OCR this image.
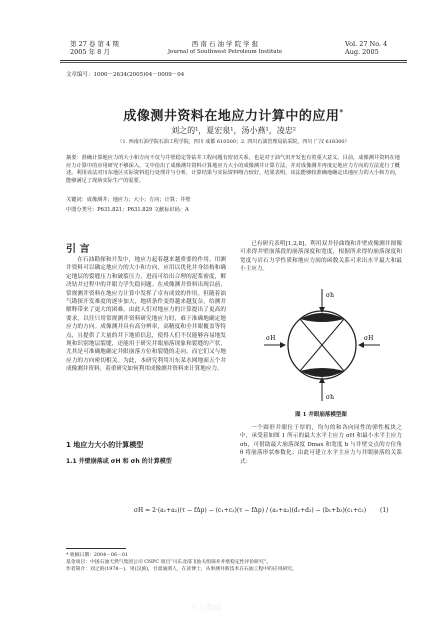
第 27 卷 第 4 期
2005 年 8 月
西 南 石 油 学 院 学 报
Journal of Southwest Petroleum Institute
Vol. 27 No. 4
Aug. 2005
文章编号：1000－2634(2005)04－0009－04
成像测井资料在地应力计算中的应用*
刘之的¹，夏宏泉¹，汤小燕¹，凌忠²
（1. 西南石油学院石油工程学院，四川 成都 610500；2. 四川石油管理局钻采院，四川 广汉 618300）
摘要：准确计算地应力的大小和方向不仅与井壁稳定等钻井工程问题有密切关系，也是对于油气田开发也有着重大意义。目前，成像测井资料在地应力计算中的应用研究不够深入，文中给出了成像测井资料计算地应力大小的成像测井计算方法，并对成像测井再度定地应力方向的方法进行了概述。利用该法对川东地区实际资料进行处理并与分析，计算结果与实际资料吻合较好，结果表明，该法能够较准确地确定出地应力的大小和方向，能够满足了现场实际生产的需要。
关键词：成像测井；地应力；大小；方向；计算；井壁
中图分类号：P631.821；P631.829 文献标识码：A
引 言
在石油勘探和开发中，地应力起着越来越重要的作用。用测井资料可以确定地应力的大小和方向，应用以优化井身结构和确定地层的裂缝压力和破裂压力，进而可给出合理的泥浆密度，解决钻井过程中的井眼力学失稳问题。在成像测井资料出现以前，常规测井资料在地应力计算中发挥了卓有成效的作用。但随着油气勘探开发难度的逐步加大，地质条件变得越来越复杂，给测井解释带来了更大的困难，由此人们对地应力的计算提出了更高的要求，以往只用常规测井资料研究地应力时，难于准确地确定地应力的方向。成像测井具有高分辨率，高精度和全井眼覆盖等特点，且提供了大量的井下地质信息，使得人们不仅能够容易地发现和识别地层裂缝，还能用于研究井眼崩落现象和裂缝的产状，尤其是可准确地确定井眼崩落方位和裂缝的走向，而它们又与地应力的方向密切相关。为此，本研究利用川东某水网地面五个井成像测井资料，着重研究如何利用成像测井资料来计算地应力。
1 地应力大小的计算模型
1.1 井壁崩落或 σH 和 σh 的计算模型
已有研究表明[1,2,8]，利用双井径曲线和井壁成像测井图像可求得井壁崩落段的崩落深度和宽度，根据所求得的崩落深度和宽度与岩石力学性质和地应力间的函数关系可求出水平最大和最小主应力。
σH	σH
σh
σh
图 1 井眼崩落模型图
一个圆形井眼位于厚的，均匀的和各向同性的弹性板块之中，承受着如图 1 所示的最大水平主应力 σH 和最小水平主应力 σh，可借助最大崩落深度 Dmax 和宽度 b 与井壁交点的方位角 θ 将崩落形状参数化；由此可建立水平主应力与井眼崩落的关系式：
σH = 2·(a₁+a₂)(τ − fΔp) − (c₁+c₂)(τ − fΔp) / (a₁+a₂)(d₁+d₂) − (b₁+b₂)(c₁+c₂)	(1)
* 收稿日期：2004－06－01
基金项目：中国石油天然气集团公司 CNPC 项目“川东北部飞仙关组探井井壁稳定性评价研究”。
作者简介：刘之的(1978－)，男(汉族)，甘肃通渭人，在读博士，从事测井新技术在石油工程中的应用研究。
万方数据
